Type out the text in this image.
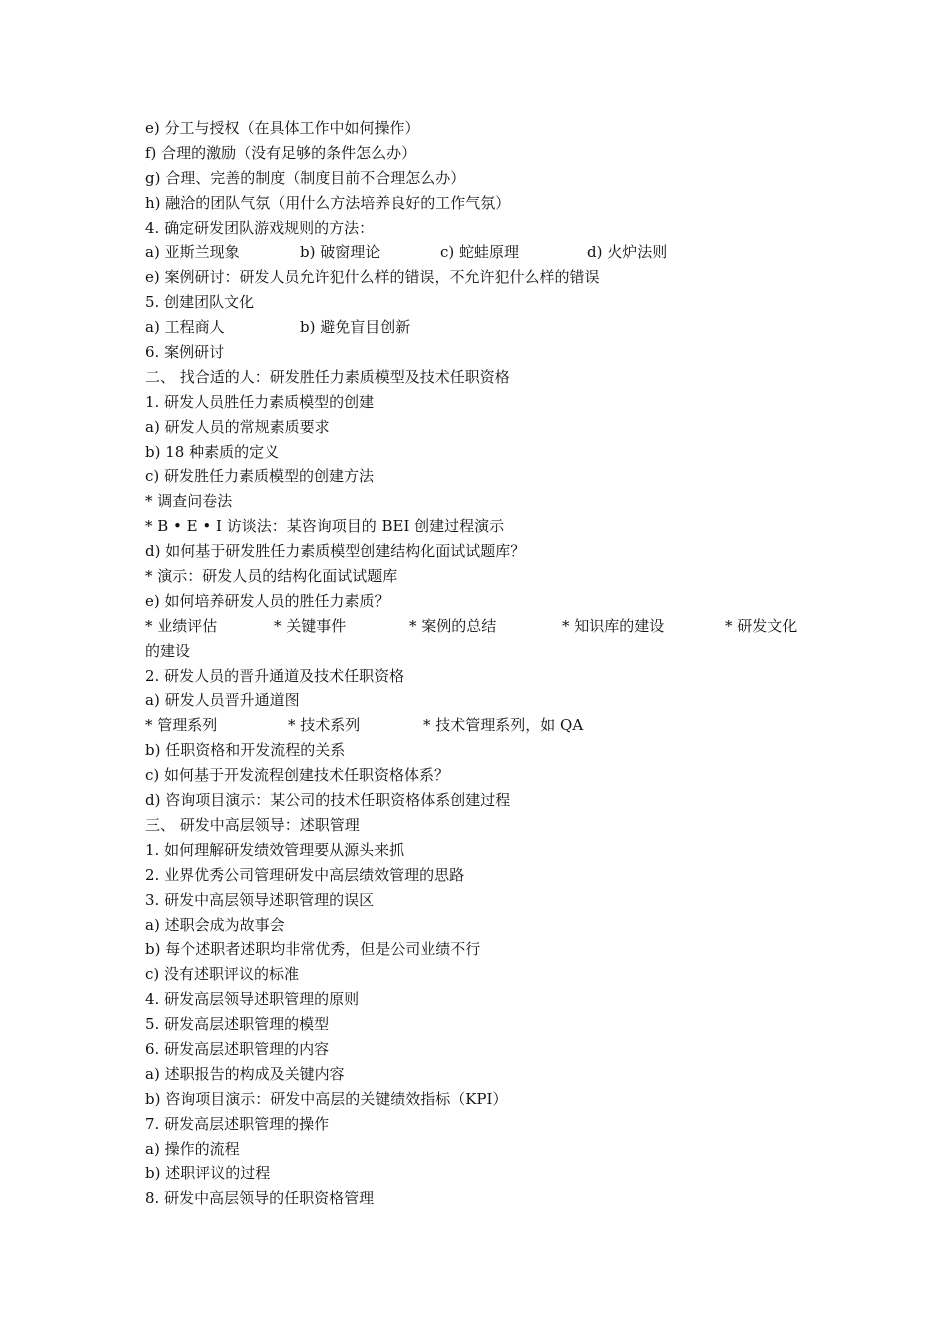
e) 分工与授权（在具体工作中如何操作）
f) 合理的激励（没有足够的条件怎么办）
g) 合理、完善的制度（制度目前不合理怎么办）
h) 融洽的团队气氛（用什么方法培养良好的工作气氛）
4. 确定研发团队游戏规则的方法：
a) 亚斯兰现象	b) 破窗理论	c) 蛇蛙原理	d) 火炉法则
e) 案例研讨：研发人员允许犯什么样的错误，不允许犯什么样的错误
5. 创建团队文化
a) 工程商人	b) 避免盲目创新
6. 案例研讨
二、 找合适的人：研发胜任力素质模型及技术任职资格
1. 研发人员胜任力素质模型的创建
a) 研发人员的常规素质要求
b) 18 种素质的定义
c) 研发胜任力素质模型的创建方法
* 调查问卷法
* B • E • I 访谈法：某咨询项目的 BEI 创建过程演示
d) 如何基于研发胜任力素质模型创建结构化面试试题库？
* 演示：研发人员的结构化面试试题库
e) 如何培养研发人员的胜任力素质？
* 业绩评估	* 关键事件	* 案例的总结	* 知识库的建设	* 研发文化
的建设
2. 研发人员的晋升通道及技术任职资格
a) 研发人员晋升通道图
* 管理系列	* 技术系列	* 技术管理系列，如 QA
b) 任职资格和开发流程的关系
c) 如何基于开发流程创建技术任职资格体系？
d) 咨询项目演示：某公司的技术任职资格体系创建过程
三、 研发中高层领导：述职管理
1. 如何理解研发绩效管理要从源头来抓
2. 业界优秀公司管理研发中高层绩效管理的思路
3. 研发中高层领导述职管理的误区
a) 述职会成为故事会
b) 每个述职者述职均非常优秀，但是公司业绩不行
c) 没有述职评议的标准
4. 研发高层领导述职管理的原则
5. 研发高层述职管理的模型
6. 研发高层述职管理的内容
a) 述职报告的构成及关键内容
b) 咨询项目演示：研发中高层的关键绩效指标（KPI）
7. 研发高层述职管理的操作
a) 操作的流程
b) 述职评议的过程
8. 研发中高层领导的任职资格管理
